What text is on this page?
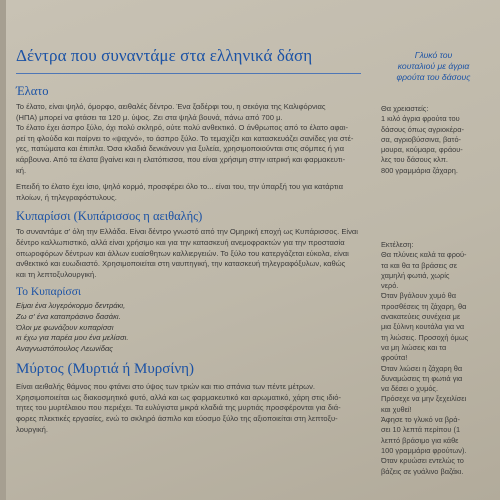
Δέντρα που συναντάμε στα ελληνικά δάση
Έλατο
Το έλατο, είναι ψηλό, όμορφο, αειθαλές δέντρο. Ένα ξαδέρφι του, η σεκόγια της Καλιφόρνιας
(ΗΠΑ) μπορεί να φτάσει τα 120 μ. ύψος. Ζει στα ψηλά βουνά, πάνω από 700 μ.
Το έλατο έχει άσπρο ξύλο, όχι πολύ σκληρό, ούτε πολύ ανθεκτικό. Ο άνθρωπος από το έλατο αφαι-
ρεί τη φλούδα και παίρνει το «ψαχνό», το άσπρο ξύλο. Το τεμαχίζει και κατασκευάζει σανίδες για στέ-
γες, πατώματα και έπιπλα. Όσα κλαδιά δενκάνουν για ξυλεία, χρησιμοποιούνται στις σόμπες ή για
κάρβουνα. Από τα έλατα βγαίνει και η ελατόπισσα, που είναι χρήσιμη στην ιατρική και φαρμακευτι-
κή.
Επειδή το έλατο έχει ίσιο, ψηλό κορμό, προσφέρει όλο το... είναι του, την ύπαρξή του για κατάρτια
πλοίων, ή τηλεγραφόστυλους.
Κυπαρίσσι (Κυπάρισσος η αειθαλής)
Το συναντάμε σ' όλη την Ελλάδα. Είναι δέντρο γνωστό από την Ομηρική εποχή ως Κυπάρισσος. Είναι
δέντρο καλλωπιστικό, αλλά είναι χρήσιμο και για την κατασκευή ανεμοφρακτών για την προστασία
οπωροφόρων δέντρων και άλλων ευαίσθητων καλλιεργειών. Το ξύλο του κατεργάζεται εύκολα, είναι
ανθεκτικό και ευωδιαστό. Χρησιμοποιείται στη ναυπηγική, την κατασκευή τηλεγραφόξυλων, καθώς
και τη λεπτοξυλουργική.
Το Κυπαρίσσι
Είμαι ένα λυγερόκορμο δεντράκι,
Ζω σ' ένα καταπράσινο δασάκι.
Όλοι με φωνάζουν κυπαρίσσι
κι έχω για παρέα μου ένα μελίσσι.
Αναγνωστόπουλος Λεωνίδας
Μύρτος (Μυρτιά ή Μυρσίνη)
Είναι αειθαλής θάμνος που φτάνει στο ύψος των τριών και πιο σπάνια των πέντε μέτρων.
Χρησιμοποιείται ως διακοσμητικό φυτό, αλλά και ως φαρμακευτικό και αρωματικό, χάρη στις ιδιό-
τητες του μυρτέλαιου που περιέχει. Τα ευλύγιστα μικρά κλαδιά της μυρτιάς προσφέρονται για διά-
φορες πλεκτικές εργασίες, ενώ το σκληρό άσπιλο και εύοσμο ξύλο της αξιοποιείται στη λεπτοξυ-
λουργική.
Γλυκό του
κουταλιού με άγρια
φρούτα του δάσους
Θα χρειαστείς:
1 κιλό άγρια φρούτα του
δάσους όπως αγριοκέρα-
σα, αγριοβύσσινα, βατό-
μουρα, κούμαρα, φράου-
λες του δάσους κλπ.
800 γραμμάρια ζάχαρη.
Εκτέλεση:
Θα πλύνεις καλά τα φρού-
τα και θα τα βράσεις σε
χαμηλή φωτιά, χωρίς
νερό.
Όταν βγάλουν χυμό θα
προσθέσεις τη ζάχαρη, θα
ανακατεύεις συνέχεια με
μια ξύλινη κουτάλα για να
τη λιώσεις. Προσοχή όμως
να μη λιώσεις και τα
φρούτα!
Όταν λιώσει η ζάχαρη θα
δυναμώσεις τη φωτιά για
να δέσει ο χυμός.
Πρόσεχε να μην ξεχειλίσει
και χυθεί!
Άφησε το γλυκό να βρά-
σει 10 λεπτά περίπου (1
λεπτό βράσιμο για κάθε
100 γραμμάρια φρούτων).
Όταν κρυώσει εντελώς το
βάζεις σε γυάλινο βαζάκι.
